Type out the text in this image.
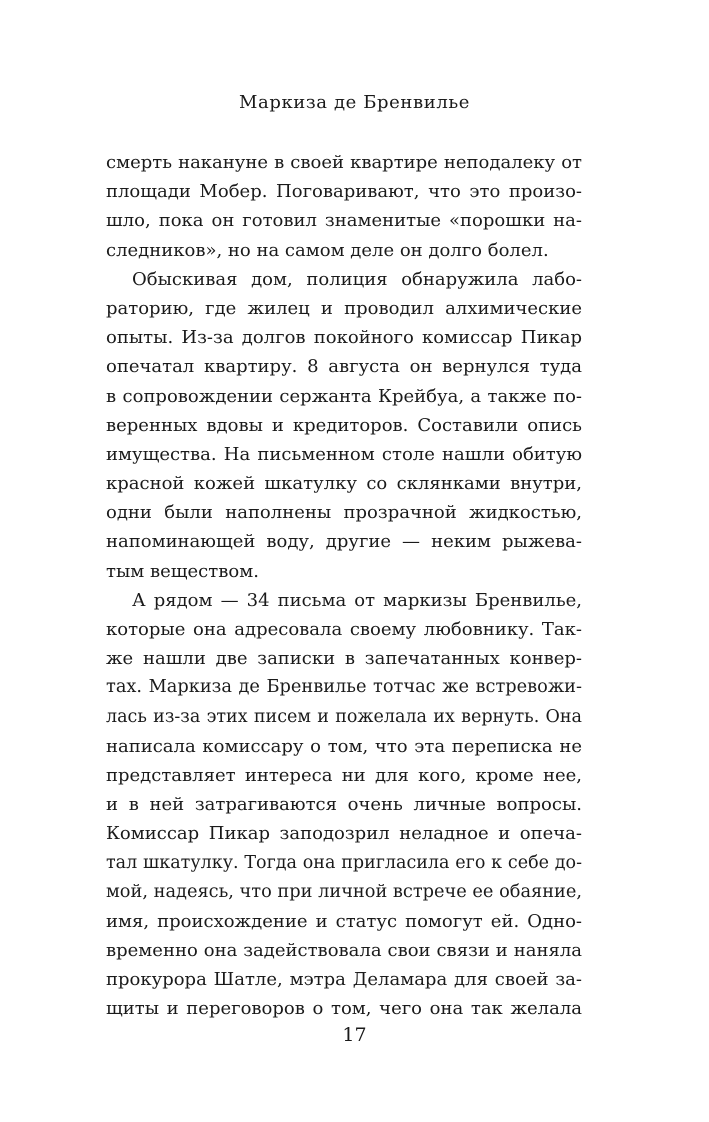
Маркиза де Бренвилье
смерть накануне в своей квартире неподалеку от
площади Мобер. Поговаривают, что это произо-
шло, пока он готовил знаменитые «порошки на-
следников», но на самом деле он долго болел.
Обыскивая дом, полиция обнаружила лабо-
раторию, где жилец и проводил алхимические
опыты. Из-за долгов покойного комиссар Пикар
опечатал квартиру. 8 августа он вернулся туда
в сопровождении сержанта Крейбуа, а также по-
веренных вдовы и кредиторов. Составили опись
имущества. На письменном столе нашли обитую
красной кожей шкатулку со склянками внутри,
одни были наполнены прозрачной жидкостью,
напоминающей воду, другие — неким рыжева-
тым веществом.
А рядом — 34 письма от маркизы Бренвилье,
которые она адресовала своему любовнику. Так-
же нашли две записки в запечатанных конвер-
тах. Маркиза де Бренвилье тотчас же встревожи-
лась из-за этих писем и пожелала их вернуть. Она
написала комиссару о том, что эта переписка не
представляет интереса ни для кого, кроме нее,
и в ней затрагиваются очень личные вопросы.
Комиссар Пикар заподозрил неладное и опеча-
тал шкатулку. Тогда она пригласила его к себе до-
мой, надеясь, что при личной встрече ее обаяние,
имя, происхождение и статус помогут ей. Одно-
временно она задействовала свои связи и наняла
прокурора Шатле, мэтра Деламара для своей за-
щиты и переговоров о том, чего она так желала
17
